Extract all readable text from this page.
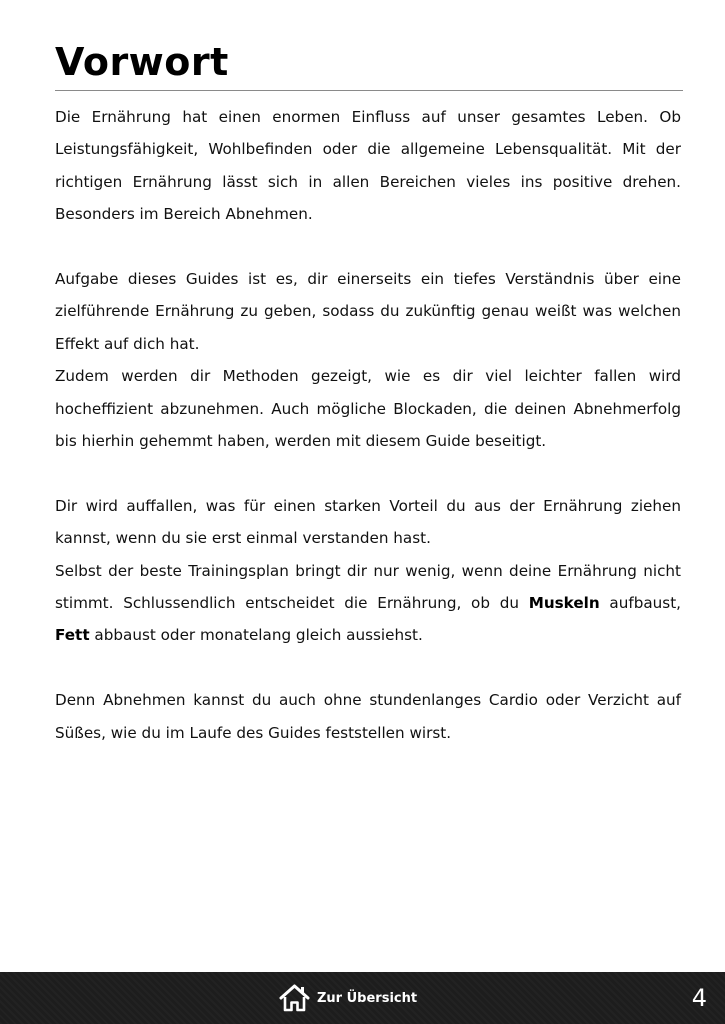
Vorwort

Die Ernährung hat einen enormen Einfluss auf unser gesamtes Leben. Ob Leistungsfähigkeit, Wohlbefinden oder die allgemeine Lebensqualität. Mit der richtigen Ernährung lässt sich in allen Bereichen vieles ins positive drehen. Besonders im Bereich Abnehmen.

Aufgabe dieses Guides ist es, dir einerseits ein tiefes Verständnis über eine zielführende Ernährung zu geben, sodass du zukünftig genau weißt was welchen Effekt auf dich hat.

Zudem werden dir Methoden gezeigt, wie es dir viel leichter fallen wird hocheffizient abzunehmen. Auch mögliche Blockaden, die deinen Abnehmerfolg bis hierhin gehemmt haben, werden mit diesem Guide beseitigt.

Dir wird auffallen, was für einen starken Vorteil du aus der Ernährung ziehen kannst, wenn du sie erst einmal verstanden hast.

Selbst der beste Trainingsplan bringt dir nur wenig, wenn deine Ernährung nicht stimmt. Schlussendlich entscheidet die Ernährung, ob du Muskeln aufbaust, Fett abbaust oder monatelang gleich aussiehst.

Denn Abnehmen kannst du auch ohne stundenlanges Cardio oder Verzicht auf Süßes, wie du im Laufe des Guides feststellen wirst.

Zur Übersicht	4
